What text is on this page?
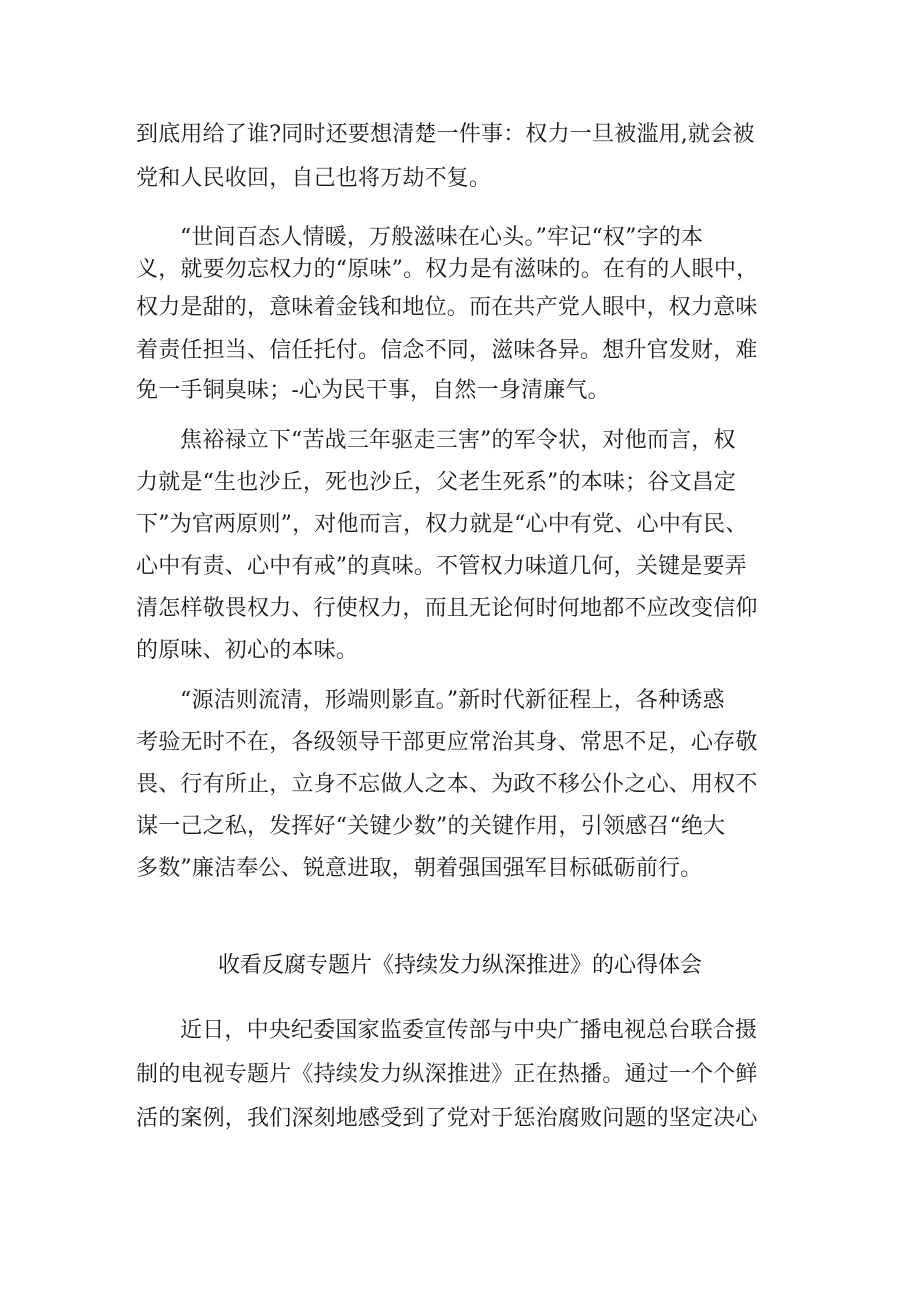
到底用给了谁?同时还要想清楚一件事：权力一旦被滥用,就会被
党和人民收回，自己也将万劫不复。
“世间百态人情暖，万般滋味在心头。”牢记“权”字的本
义，就要勿忘权力的“原味”。权力是有滋味的。在有的人眼中，
权力是甜的，意味着金钱和地位。而在共产党人眼中，权力意味
着责任担当、信任托付。信念不同，滋味各异。想升官发财，难
免一手铜臭味；-心为民干事，自然一身清廉气。
焦裕禄立下“苦战三年驱走三害”的军令状，对他而言，权
力就是“生也沙丘，死也沙丘，父老生死系”的本味；谷文昌定
下”为官两原则”，对他而言，权力就是“心中有党、心中有民、
心中有责、心中有戒”的真味。不管权力味道几何，关键是要弄
清怎样敬畏权力、行使权力，而且无论何时何地都不应改变信仰
的原味、初心的本味。
“源洁则流清，形端则影直。”新时代新征程上，各种诱惑
考验无时不在，各级领导干部更应常治其身、常思不足，心存敬
畏、行有所止，立身不忘做人之本、为政不移公仆之心、用权不
谋一己之私，发挥好“关键少数”的关键作用，引领感召“绝大
多数”廉洁奉公、锐意进取，朝着强国强军目标砥砺前行。
收看反腐专题片《持续发力纵深推进》的心得体会
近日，中央纪委国家监委宣传部与中央广播电视总台联合摄
制的电视专题片《持续发力纵深推进》正在热播。通过一个个鲜
活的案例，我们深刻地感受到了党对于惩治腐败问题的坚定决心
